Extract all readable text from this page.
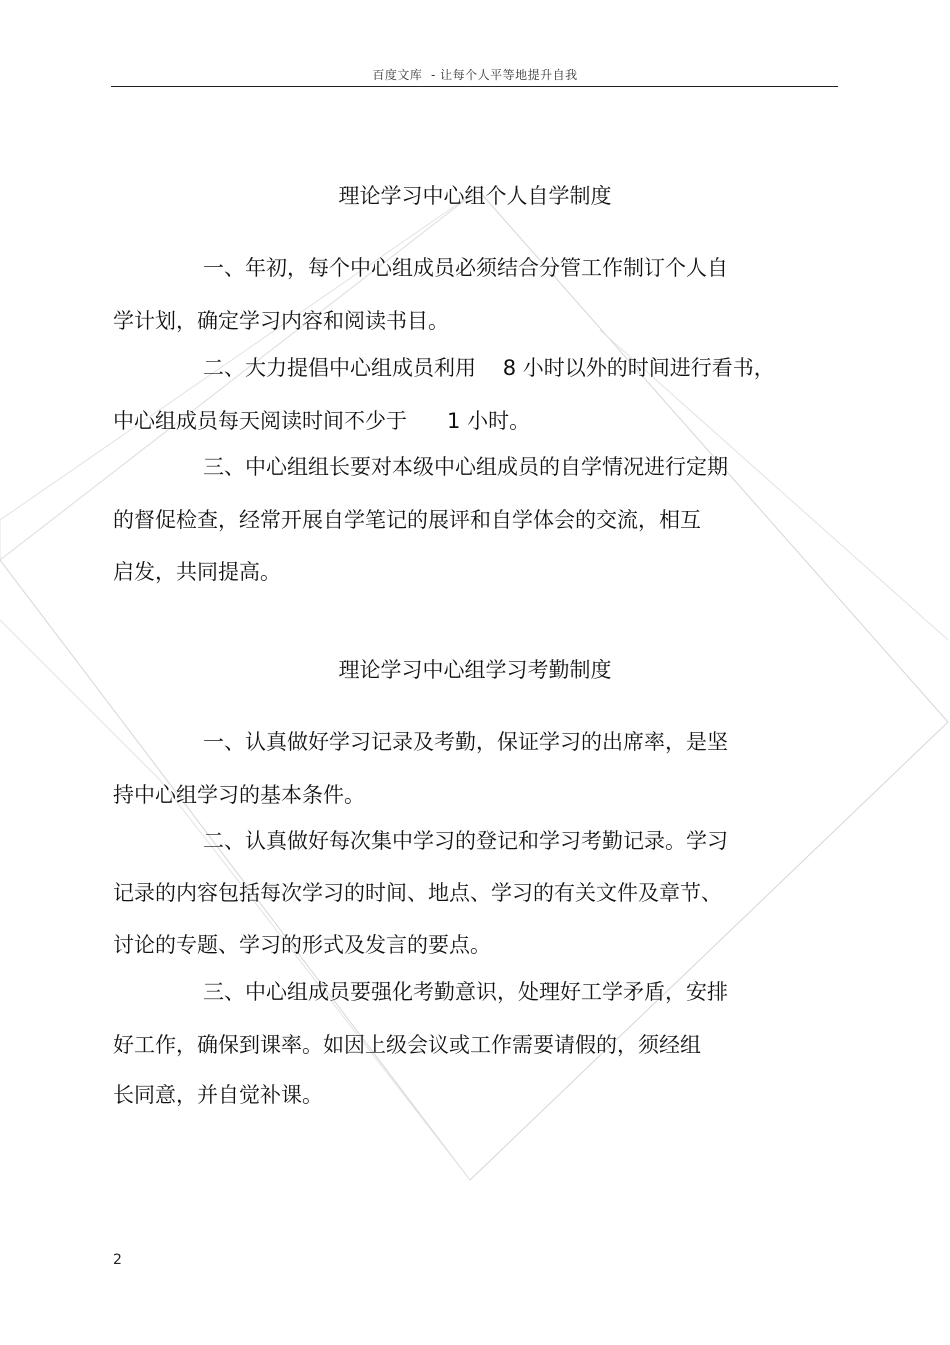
百度文库  - 让每个人平等地提升自我
理论学习中心组个人自学制度
一、年初，每个中心组成员必须结合分管工作制订个人自
学计划，确定学习内容和阅读书目。
二、大力提倡中心组成员利用    8 小时以外的时间进行看书，
中心组成员每天阅读时间不少于      1 小时。
三、中心组组长要对本级中心组成员的自学情况进行定期
的督促检查，经常开展自学笔记的展评和自学体会的交流，相互
启发，共同提高。
理论学习中心组学习考勤制度
一、认真做好学习记录及考勤，保证学习的出席率，是坚
持中心组学习的基本条件。
二、认真做好每次集中学习的登记和学习考勤记录。学习
记录的内容包括每次学习的时间、地点、学习的有关文件及章节、
讨论的专题、学习的形式及发言的要点。
三、中心组成员要强化考勤意识，处理好工学矛盾，安排
好工作，确保到课率。如因上级会议或工作需要请假的，须经组
长同意，并自觉补课。
2
